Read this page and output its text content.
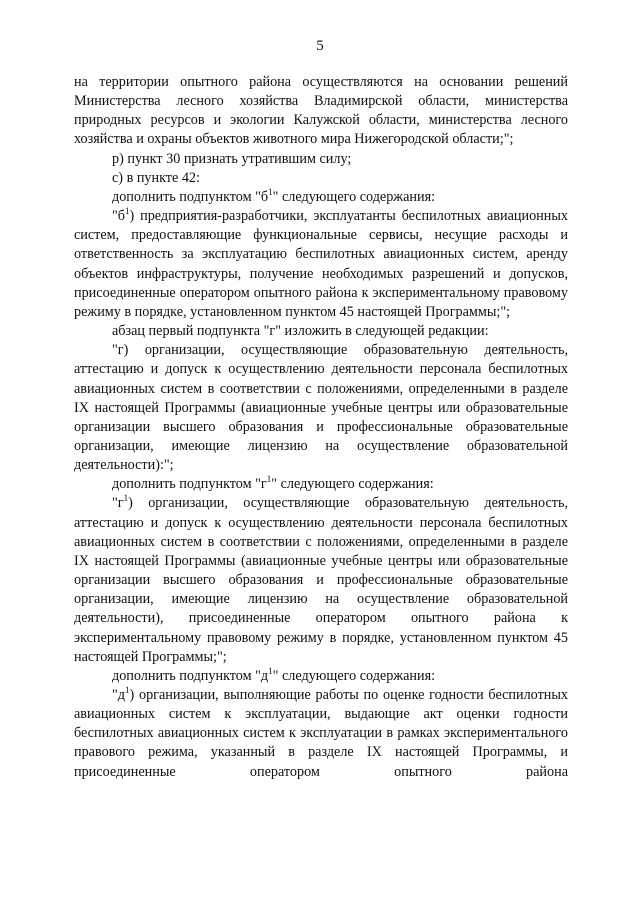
5

на территории опытного района осуществляются на основании решений Министерства лесного хозяйства Владимирской области, министерства природных ресурсов и экологии Калужской области, министерства лесного хозяйства и охраны объектов животного мира Нижегородской области;";

р) пункт 30 признать утратившим силу;

с) в пункте 42:

дополнить подпунктом "$б^1$" следующего содержания:

"$б^1$) предприятия-разработчики, эксплуатанты беспилотных авиационных систем, предоставляющие функциональные сервисы, несущие расходы и ответственность за эксплуатацию беспилотных авиационных систем, аренду объектов инфраструктуры, получение необходимых разрешений и допусков, присоединенные оператором опытного района к экспериментальному правовому режиму в порядке, установленном пунктом 45 настоящей Программы;";

абзац первый подпункта "г" изложить в следующей редакции:

"г) организации, осуществляющие образовательную деятельность, аттестацию и допуск к осуществлению деятельности персонала беспилотных авиационных систем в соответствии с положениями, определенными в разделе IX настоящей Программы (авиационные учебные центры или образовательные организации высшего образования и профессиональные образовательные организации, имеющие лицензию на осуществление образовательной деятельности):";

дополнить подпунктом "$г^1$" следующего содержания:

"$г^1$) организации, осуществляющие образовательную деятельность, аттестацию и допуск к осуществлению деятельности персонала беспилотных авиационных систем в соответствии с положениями, определенными в разделе IX настоящей Программы (авиационные учебные центры или образовательные организации высшего образования и профессиональные образовательные организации, имеющие лицензию на осуществление образовательной деятельности), присоединенные оператором опытного района к экспериментальному правовому режиму в порядке, установленном пунктом 45 настоящей Программы;";

дополнить подпунктом "$д^1$" следующего содержания:

"$д^1$) организации, выполняющие работы по оценке годности беспилотных авиационных систем к эксплуатации, выдающие акт оценки годности беспилотных авиационных систем к эксплуатации в рамках экспериментального правового режима, указанный в разделе IX настоящей Программы, и присоединенные оператором опытного района
